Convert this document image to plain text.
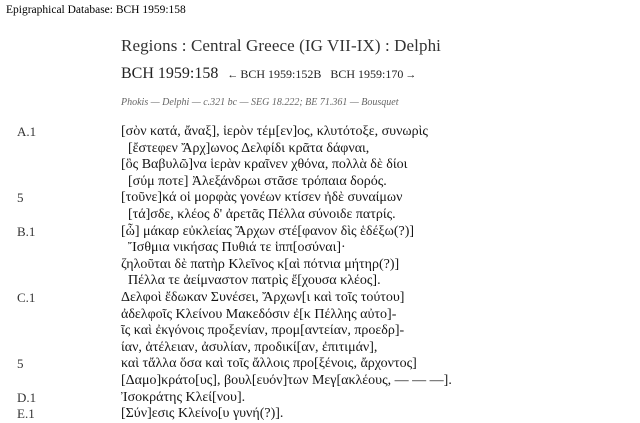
Epigraphical Database: BCH 1959:158
Regions : Central Greece (IG VII-IX) : Delphi
BCH 1959:158 ← BCH 1959:152B BCH 1959:170 →
Phokis — Delphi — c.321 bc — SEG 18.222; BE 71.361 — Bousquet
A.1	[σὸν κατά, ἄναξ], ἱερὸν τέμ[εν]ος, κλυτότοξε, συνωρὶς
[ἔστεφεν Ἄρχ]ωνος Δελφίδι κρᾶτα δάφναι,
[ὃς Βαβυλῶ]να ἱερὰν κραῖνεν χθόνα, πολλὰ δὲ δίοι
[σύμ ποτε] Ἀλεξάνδρωι στᾶσε τρόπαια δορός.
5	[τοῦνε]κά οἱ μορφὰς γονέων κτίσεν ἠδὲ συναίμων
[τά]σδε, κλέος δ' ἀρετᾶς Πέλλα σύνοιδε πατρίς.
B.1	[ὦ] μάκαρ εὐκλείας Ἄρχων στέ[φανον δὶς ἑδέξω(?)]
Ἴσθμια νικήσας Πυθιά τε ἱππ[οσύναι]·
ζηλοῦται δὲ πατὴρ Κλεῖνος κ[αὶ πότνια μήτηρ(?)]
Πέλλα τε ἀείμναστον πατρὶς ἔ[χουσα κλέος].
C.1	Δελφοὶ ἔδωκαν Συνέσει, Ἄρχων[ι καὶ τοῖς τούτου]
ἀδελφοῖς Κλείνου Μακεδόσιν ἐ[κ Πέλλης αὐτο]-
ῖς καὶ ἐκγόνοις προξενίαν, προμ[αντείαν, προεδρ]-
ίαν, ἀτέλειαν, ἀσυλίαν, προδικί[αν, ἐπιτιμάν],
5	καὶ τἄλλα ὅσα καὶ τοῖς ἄλλοις προ[ξένοις, ἄρχοντος]
[Δαμο]κράτο[υς], βουλ[ευόν]των Μεγ[ακλέους, — — —].
D.1	Ἰσοκράτης Κλεί[νου].
E.1	[Σύν]εσις Κλείνο[υ γυνή(?)].
